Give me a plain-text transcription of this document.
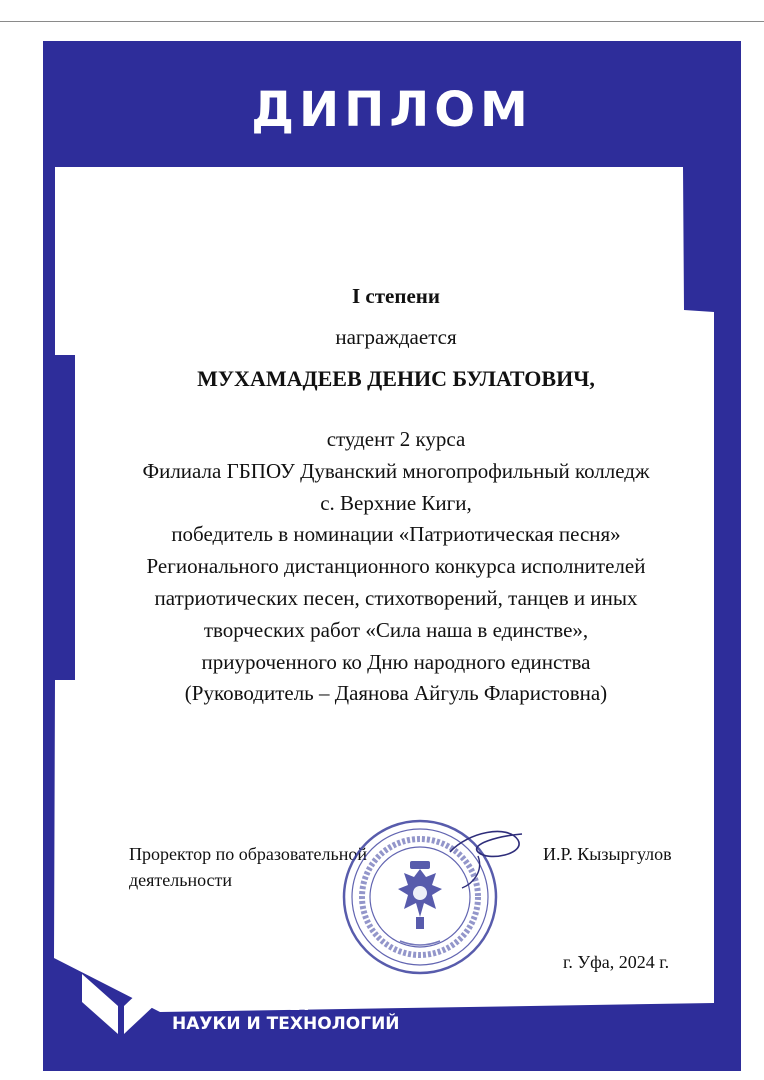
ДИПЛОМ
I степени
награждается
МУХАМАДЕЕВ ДЕНИС БУЛАТОВИЧ,
студент 2 курса
Филиала ГБПОУ Дуванский многопрофильный колледж
с. Верхние Киги,
победитель в номинации «Патриотическая песня»
Регионального дистанционного конкурса исполнителей
патриотических песен, стихотворений, танцев и иных
творческих работ «Сила наша в единстве»,
приуроченного ко Дню народного единства
(Руководитель – Даянова Айгуль Фларистовна)
Проректор по образовательной
деятельности
И.Р. Кызыргулов
г. Уфа, 2024 г.
УФИМСКИЙ
УНИВЕРСИТЕТ
НАУКИ И ТЕХНОЛОГИЙ
